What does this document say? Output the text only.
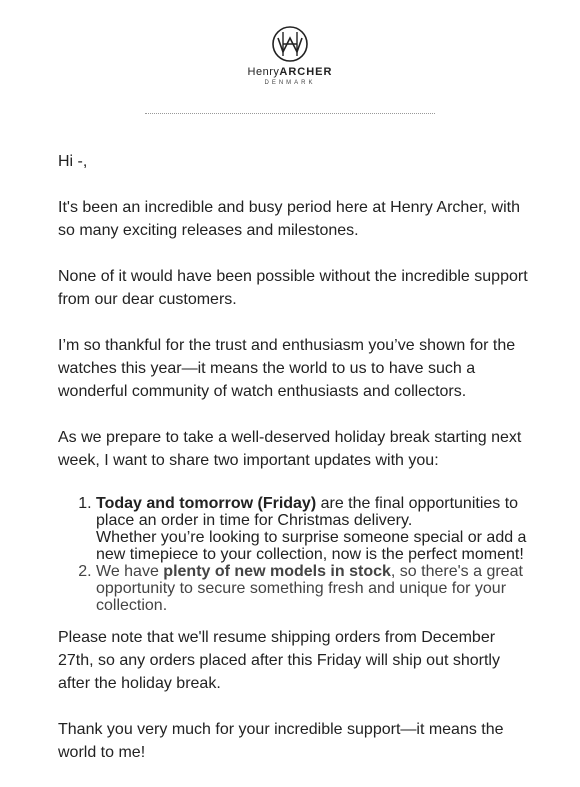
HenryARCHER
DENMARK

Hi -,

It's been an incredible and busy period here at Henry Archer, with so many exciting releases and milestones.

None of it would have been possible without the incredible support from our dear customers.

I’m so thankful for the trust and enthusiasm you’ve shown for the watches this year—it means the world to us to have such a wonderful community of watch enthusiasts and collectors.

As we prepare to take a well-deserved holiday break starting next week, I want to share two important updates with you:

1. Today and tomorrow (Friday) are the final opportunities to place an order in time for Christmas delivery.
Whether you’re looking to surprise someone special or add a new timepiece to your collection, now is the perfect moment!
2. We have plenty of new models in stock, so there's a great opportunity to secure something fresh and unique for your collection.

Please note that we'll resume shipping orders from December 27th, so any orders placed after this Friday will ship out shortly after the holiday break.

Thank you very much for your incredible support—it means the world to me!
